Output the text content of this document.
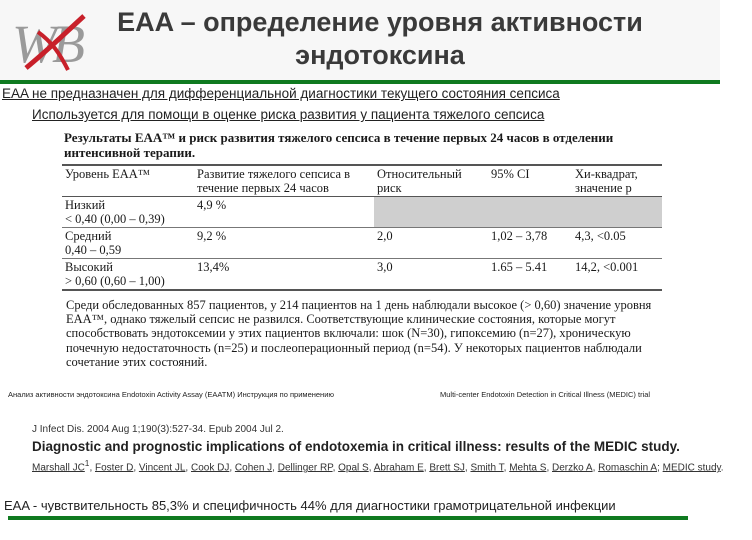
W
B	EAA – определение уровня активности
эндотоксина
EAA не предназначен для дифференциальной диагностики текущего состояния сепсиса
Используется для помощи в оценке риска развития у пациента тяжелого сепсиса

Результаты EAA™ и риск развития тяжелого сепсиса в течение первых 24 часов в отделении интенсивной терапии.

Уровень EAA™	Развитие тяжелого сепсиса в течение первых 24 часов	Относительный риск	95% CI	Хи-квадрат, значение p
Низкий
< 0,40 (0,00 – 0,39)	4,9 %			
Средний
0,40 – 0,59	9,2 %	2,0	1,02 – 3,78	4,3, <0.05
Высокий
> 0,60 (0,60 – 1,00)	13,4%	3,0	1.65 – 5.41	14,2, <0.001
Среди обследованных 857 пациентов, у 214 пациентов на 1 день наблюдали высокое (> 0,60) значение уровня EAA™, однако тяжелый сепсис не развился. Соответствующие клинические состояния, которые могут способствовать эндотоксемии у этих пациентов включали: шок (N=30), гипоксемию (n=27), хроническую почечную недостаточность (n=25) и послеоперационный период (n=54). У некоторых пациентов наблюдали сочетание этих состояний.
Анализ активности эндотоксина Endotoxin Activity Assay (EAATM) Инструкция по применению	Multi-center Endotoxin Detection in Critical Illness (MEDIC) trial
J Infect Dis. 2004 Aug 1;190(3):527-34. Epub 2004 Jul 2.
Diagnostic and prognostic implications of endotoxemia in critical illness: results of the MEDIC study.
Marshall $JC^1$, Foster D, Vincent JL, Cook DJ, Cohen J, Dellinger RP, Opal S, Abraham E, Brett SJ, Smith T, Mehta S, Derzko A, Romaschin A; MEDIC study.
EAA - чувствительность 85,3% и специфичность 44% для диагностики грамотрицательной инфекции
